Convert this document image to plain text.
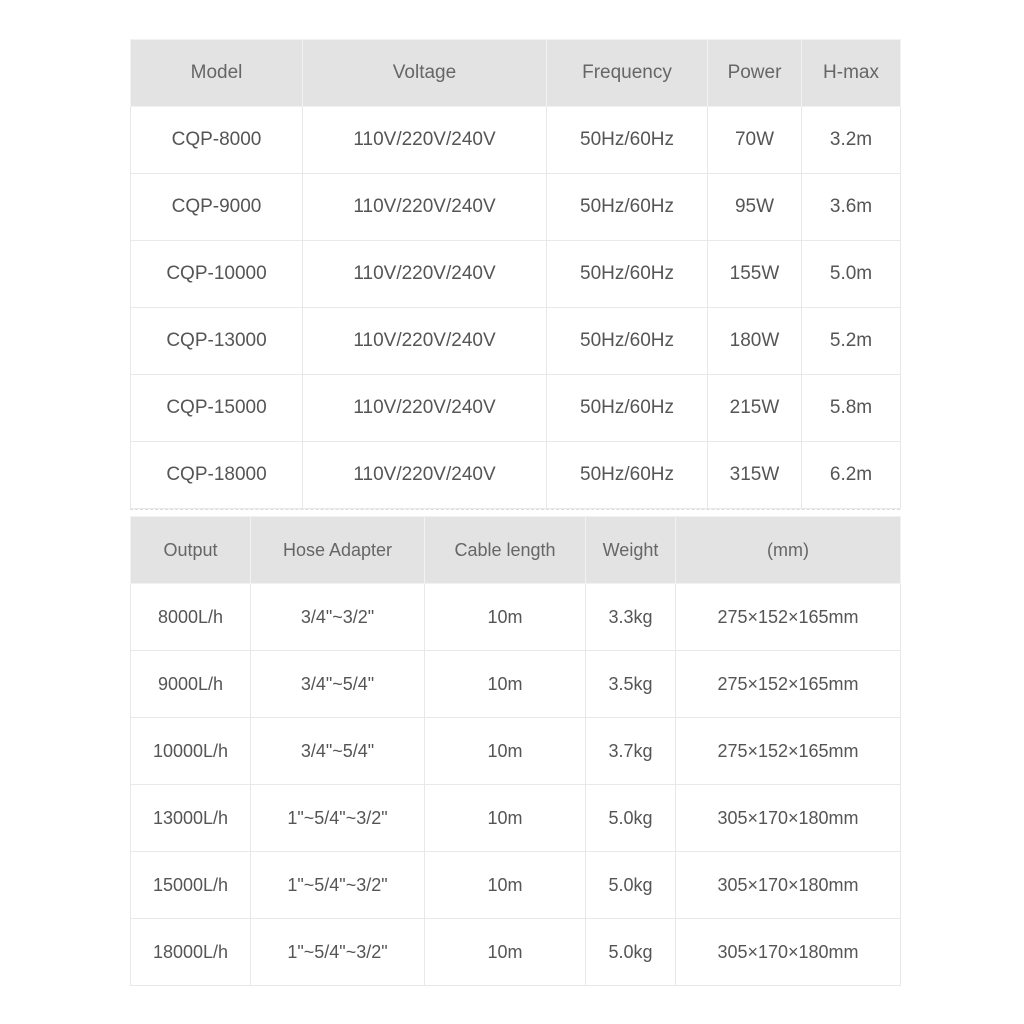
Model	Voltage	Frequency	Power	H-max
CQP-8000	110V/220V/240V	50Hz/60Hz	70W	3.2m
CQP-9000	110V/220V/240V	50Hz/60Hz	95W	3.6m
CQP-10000	110V/220V/240V	50Hz/60Hz	155W	5.0m
CQP-13000	110V/220V/240V	50Hz/60Hz	180W	5.2m
CQP-15000	110V/220V/240V	50Hz/60Hz	215W	5.8m
CQP-18000	110V/220V/240V	50Hz/60Hz	315W	6.2m
Output	Hose Adapter	Cable length	Weight	(mm)
8000L/h	3/4"~3/2"	10m	3.3kg	275×152×165mm
9000L/h	3/4"~5/4"	10m	3.5kg	275×152×165mm
10000L/h	3/4"~5/4"	10m	3.7kg	275×152×165mm
13000L/h	1"~5/4"~3/2"	10m	5.0kg	305×170×180mm
15000L/h	1"~5/4"~3/2"	10m	5.0kg	305×170×180mm
18000L/h	1"~5/4"~3/2"	10m	5.0kg	305×170×180mm
